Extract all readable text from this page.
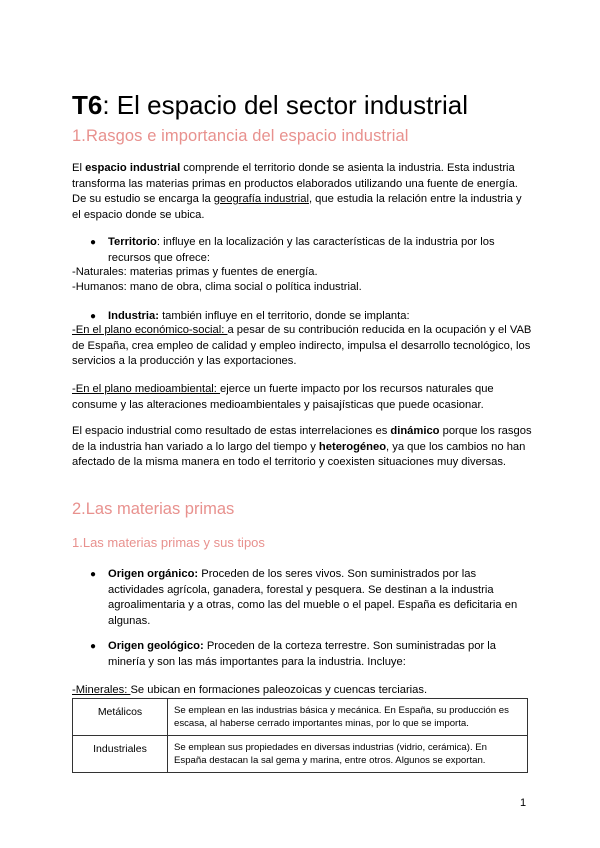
T6: El espacio del sector industrial
1.Rasgos e importancia del espacio industrial
El espacio industrial comprende el territorio donde se asienta la industria. Esta industria transforma las materias primas en productos elaborados utilizando una fuente de energía. De su estudio se encarga la geografía industrial, que estudia la relación entre la industria y el espacio donde se ubica.
● Territorio: influye en la localización y las características de la industria por los recursos que ofrece:
-Naturales: materias primas y fuentes de energía.
-Humanos: mano de obra, clima social o política industrial.
● Industria: también influye en el territorio, donde se implanta:
-En el plano económico-social: a pesar de su contribución reducida en la ocupación y el VAB de España, crea empleo de calidad y empleo indirecto, impulsa el desarrollo tecnológico, los servicios a la producción y las exportaciones.
-En el plano medioambiental: ejerce un fuerte impacto por los recursos naturales que consume y las alteraciones medioambientales y paisajísticas que puede ocasionar.
El espacio industrial como resultado de estas interrelaciones es dinámico porque los rasgos de la industria han variado a lo largo del tiempo y heterogéneo, ya que los cambios no han afectado de la misma manera en todo el territorio y coexisten situaciones muy diversas.
2.Las materias primas
1.Las materias primas y sus tipos
● Origen orgánico: Proceden de los seres vivos. Son suministrados por las actividades agrícola, ganadera, forestal y pesquera. Se destinan a la industria agroalimentaria y a otras, como las del mueble o el papel. España es deficitaria en algunas.
● Origen geológico: Proceden de la corteza terrestre. Son suministradas por la minería y son las más importantes para la industria. Incluye:
-Minerales: Se ubican en formaciones paleozoicas y cuencas terciarias.
Metálicos	Se emplean en las industrias básica y mecánica. En España, su producción es escasa, al haberse cerrado importantes minas, por lo que se importa.
Industriales	Se emplean sus propiedades en diversas industrias (vidrio, cerámica). En España destacan la sal gema y marina, entre otros. Algunos se exportan.
1
